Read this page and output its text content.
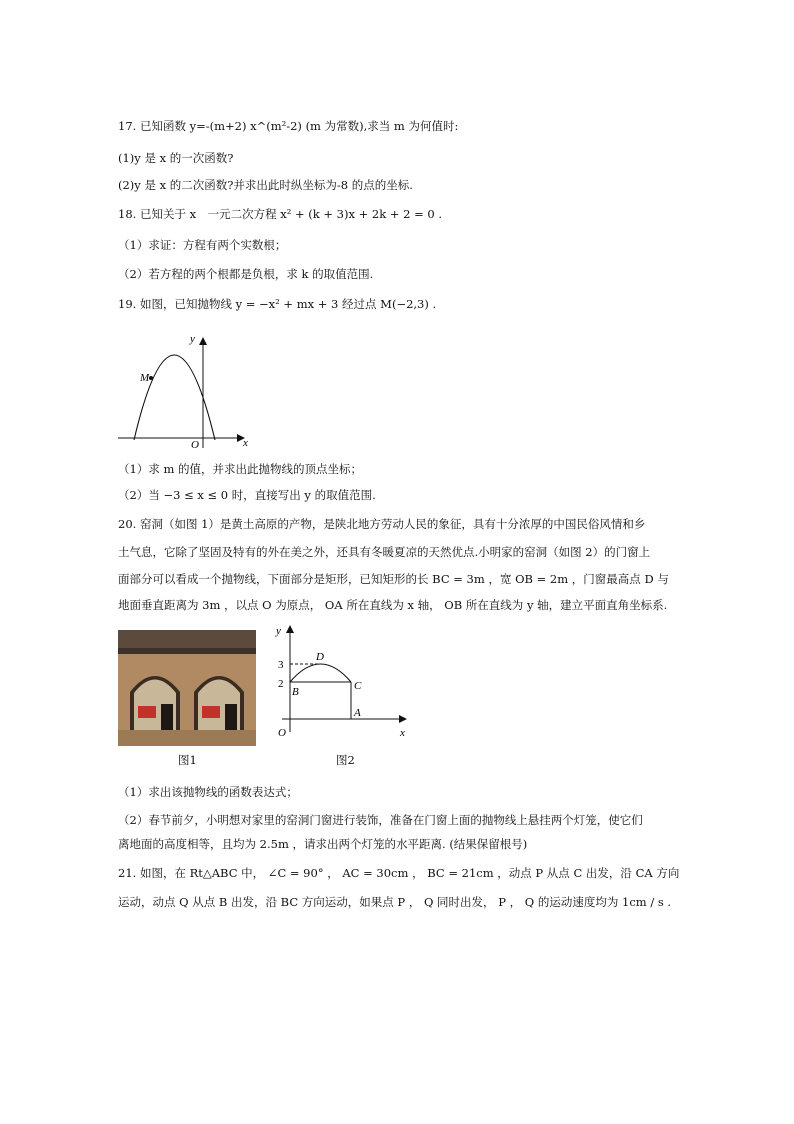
17. 已知函数 y=-(m+2) x^(m²-2) (m 为常数),求当 m 为何值时:
(1)y 是 x 的一次函数?
(2)y 是 x 的二次函数?并求出此时纵坐标为-8 的点的坐标.
18. 已知关于 x　一元二次方程 x² + (k + 3)x + 2k + 2 = 0 .
（1）求证：方程有两个实数根；
（2）若方程的两个根都是负根，求 k 的取值范围.
19. 如图，已知抛物线 y = −x² + mx + 3 经过点 M(−2,3) .
M
O	x
y
（1）求 m 的值，并求出此抛物线的顶点坐标；
（2）当 −3 ≤ x ≤ 0 时，直接写出 y 的取值范围.
20. 窑洞（如图 1）是黄土高原的产物，是陕北地方劳动人民的象征，具有十分浓厚的中国民俗风情和乡
土气息，它除了坚固及特有的外在美之外，还具有冬暖夏凉的天然优点.小明家的窑洞（如图 2）的门窗上
面部分可以看成一个抛物线，下面部分是矩形，已知矩形的长 BC = 3m ，宽 OB = 2m ，门窗最高点 D 与
地面垂直距离为 3m ，以点 O 为原点， OA 所在直线为 x 轴， OB 所在直线为 y 轴，建立平面直角坐标系.
图1
3
2
D
B	C
A
O	x
y
图2
（1）求出该抛物线的函数表达式；
（2）春节前夕，小明想对家里的窑洞门窗进行装饰，准备在门窗上面的抛物线上悬挂两个灯笼，使它们
离地面的高度相等，且均为 2.5m ，请求出两个灯笼的水平距离. (结果保留根号)
21. 如图，在 Rt△ABC 中， ∠C = 90° ， AC = 30cm ， BC = 21cm ，动点 P 从点 C 出发，沿 CA 方向
运动，动点 Q 从点 B 出发，沿 BC 方向运动，如果点 P ， Q 同时出发， P ， Q 的运动速度均为 1cm / s .
